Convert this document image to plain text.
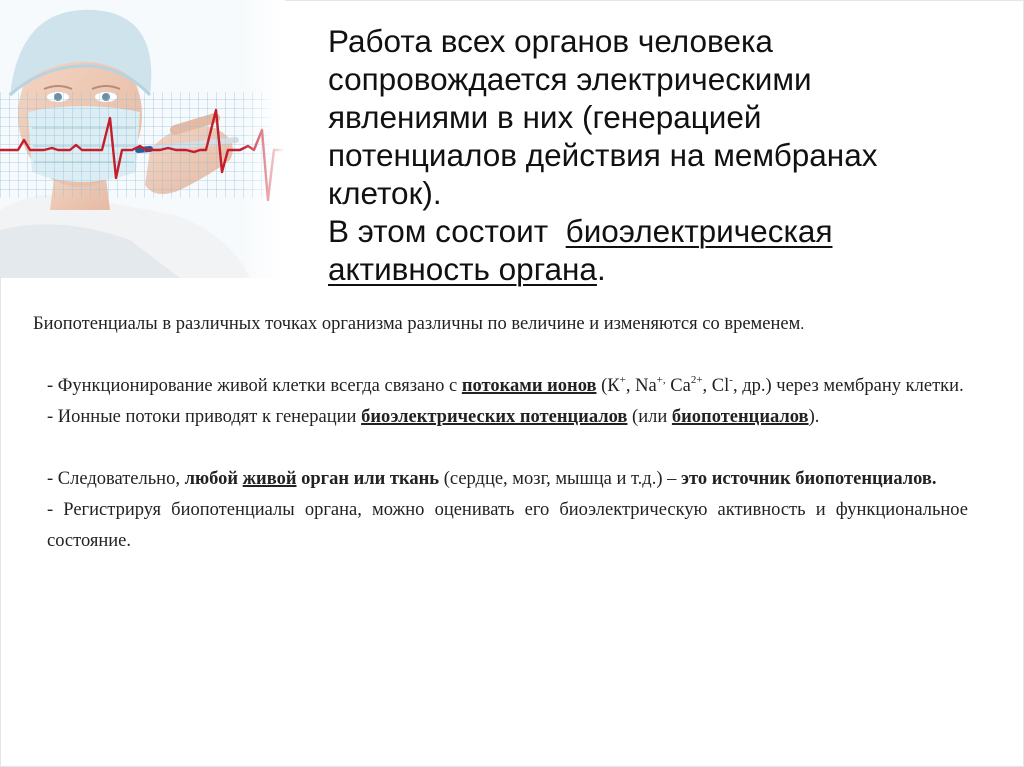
Работа всех органов человека
сопровождается электрическими
явлениями в них (генерацией
потенциалов действия на мембранах
клеток).
В этом состоит биоэлектрическая
активность органа.

Биопотенциалы в различных точках организма различны по величине и изменяются со временем.

- Функционирование живой клетки всегда связано с потоками ионов (К+, Na+, $Ca^{2+}$, Cl-, др.) через мембрану клетки.

- Ионные потоки приводят к генерации биоэлектрических потенциалов (или биопотенциалов).

- Следовательно, любой живой орган или ткань (сердце, мозг, мышца и т.д.) – это источник биопотенциалов.

- Регистрируя биопотенциалы органа, можно оценивать его биоэлектрическую активность и функциональное состояние.
